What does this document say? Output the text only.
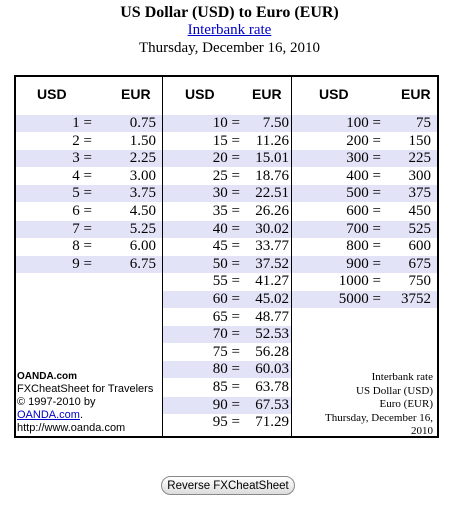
US Dollar (USD) to Euro (EUR)
Interbank rate
Thursday, December 16, 2010
USD	EUR
1 =	0.75
2 =	1.50
3 =	2.25
4 =	3.00
5 =	3.75
6 =	4.50
7 =	5.25
8 =	6.00
9 =	6.75
USD	EUR
10 = 7.50
15 = 11.26
20 = 15.01
25 = 18.76
30 = 22.51
35 = 26.26
40 = 30.02
45 = 33.77
50 = 37.52
55 = 41.27
60 = 45.02
65 = 48.77
70 = 52.53
75 = 56.28
80 = 60.03
85 = 63.78
90 = 67.53
95 = 71.29
USD	EUR
100 = 75
200 = 150
300 = 225
400 = 300
500 = 375
600 = 450
700 = 525
800 = 600
900 = 675
1000 = 750
5000 = 3752
OANDA.com
FXCheatSheet for Travelers
© 1997-2010 by
OANDA.com.
http://www.oanda.com
Interbank rate
US Dollar (USD)
Euro (EUR)
Thursday, December 16,
2010
Reverse FXCheatSheet
